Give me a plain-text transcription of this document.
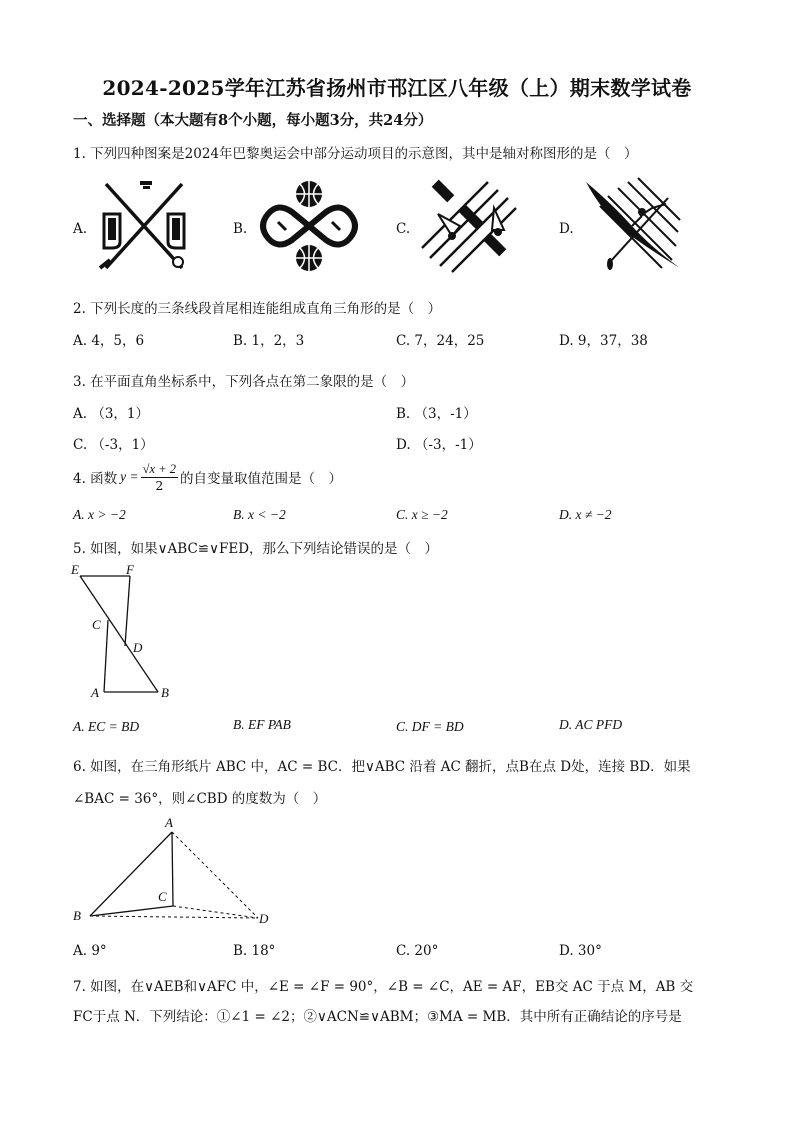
2024-2025学年江苏省扬州市邗江区八年级（上）期末数学试卷
一、选择题（本大题有8个小题，每小题3分，共24分）
1. 下列四种图案是2024年巴黎奥运会中部分运动项目的示意图，其中是轴对称图形的是（　）
A.	B.	C.	D.
2. 下列长度的三条线段首尾相连能组成直角三角形的是（　）
A. 4，5，6	B. 1，2，3	C. 7，24，25	D. 9，37，38
3. 在平面直角坐标系中，下列各点在第二象限的是（　）
A. （3，1）	B. （3，-1）
C. （-3，1）	D. （-3，-1）
4. 函数 $y = \frac{√x + 2}{2}$ 的自变量取值范围是（　）
A. x > −2	B. x < −2	C. x ≥ −2	D. x ≠ −2
5. 如图，如果∨ABC≌∨FED，那么下列结论错误的是（　）
E	F
C
D
A	B
A. EC = BD	B. EF PAB	C. DF = BD	D. AC PFD
6. 如图，在三角形纸片 ABC 中，AC = BC．把∨ABC 沿着 AC 翻折，点B在点 D处，连接 BD．如果
∠BAC = 36°，则∠CBD 的度数为（　）
A
B
C
D
A. 9°	B. 18°	C. 20°	D. 30°
7. 如图，在∨AEB和∨AFC 中，∠E = ∠F = 90°，∠B = ∠C，AE = AF，EB交 AC 于点 M，AB 交
FC于点 N．下列结论：①∠1 = ∠2；②∨ACN≌∨ABM；③MA = MB．其中所有正确结论的序号是
